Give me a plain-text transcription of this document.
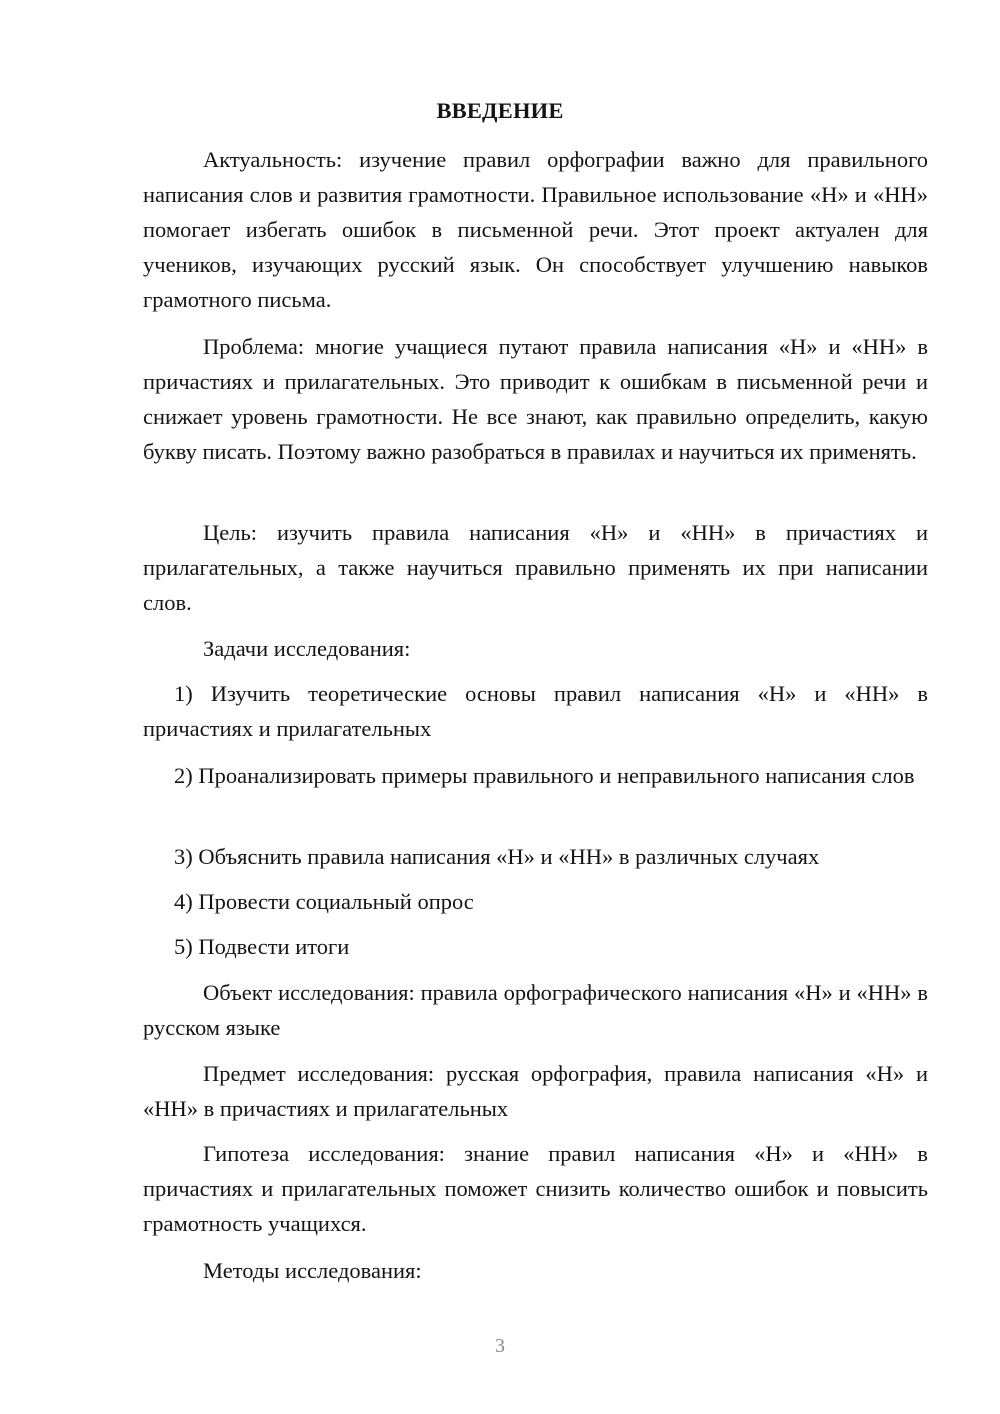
ВВЕДЕНИЕ

Актуальность: изучение правил орфографии важно для правильного написания слов и развития грамотности. Правильное использование «Н» и «НН» помогает избегать ошибок в письменной речи. Этот проект актуален для учеников, изучающих русский язык. Он способствует улучшению навыков грамотного письма.

Проблема: многие учащиеся путают правила написания «Н» и «НН» в причастиях и прилагательных. Это приводит к ошибкам в письменной речи и снижает уровень грамотности. Не все знают, как правильно определить, какую букву писать. Поэтому важно разобраться в правилах и научиться их применять.

Цель: изучить правила написания «Н» и «НН» в причастиях и прилагательных, а также научиться правильно применять их при написании слов.

Задачи исследования:

1) Изучить теоретические основы правил написания «Н» и «НН» в причастиях и прилагательных

2) Проанализировать примеры правильного и неправильного написания слов

3) Объяснить правила написания «Н» и «НН» в различных случаях

4) Провести социальный опрос

5) Подвести итоги

Объект исследования: правила орфографического написания «Н» и «НН» в русском языке

Предмет исследования: русская орфография, правила написания «Н» и «НН» в причастиях и прилагательных

Гипотеза исследования: знание правил написания «Н» и «НН» в причастиях и прилагательных поможет снизить количество ошибок и повысить грамотность учащихся.

Методы исследования:

3
